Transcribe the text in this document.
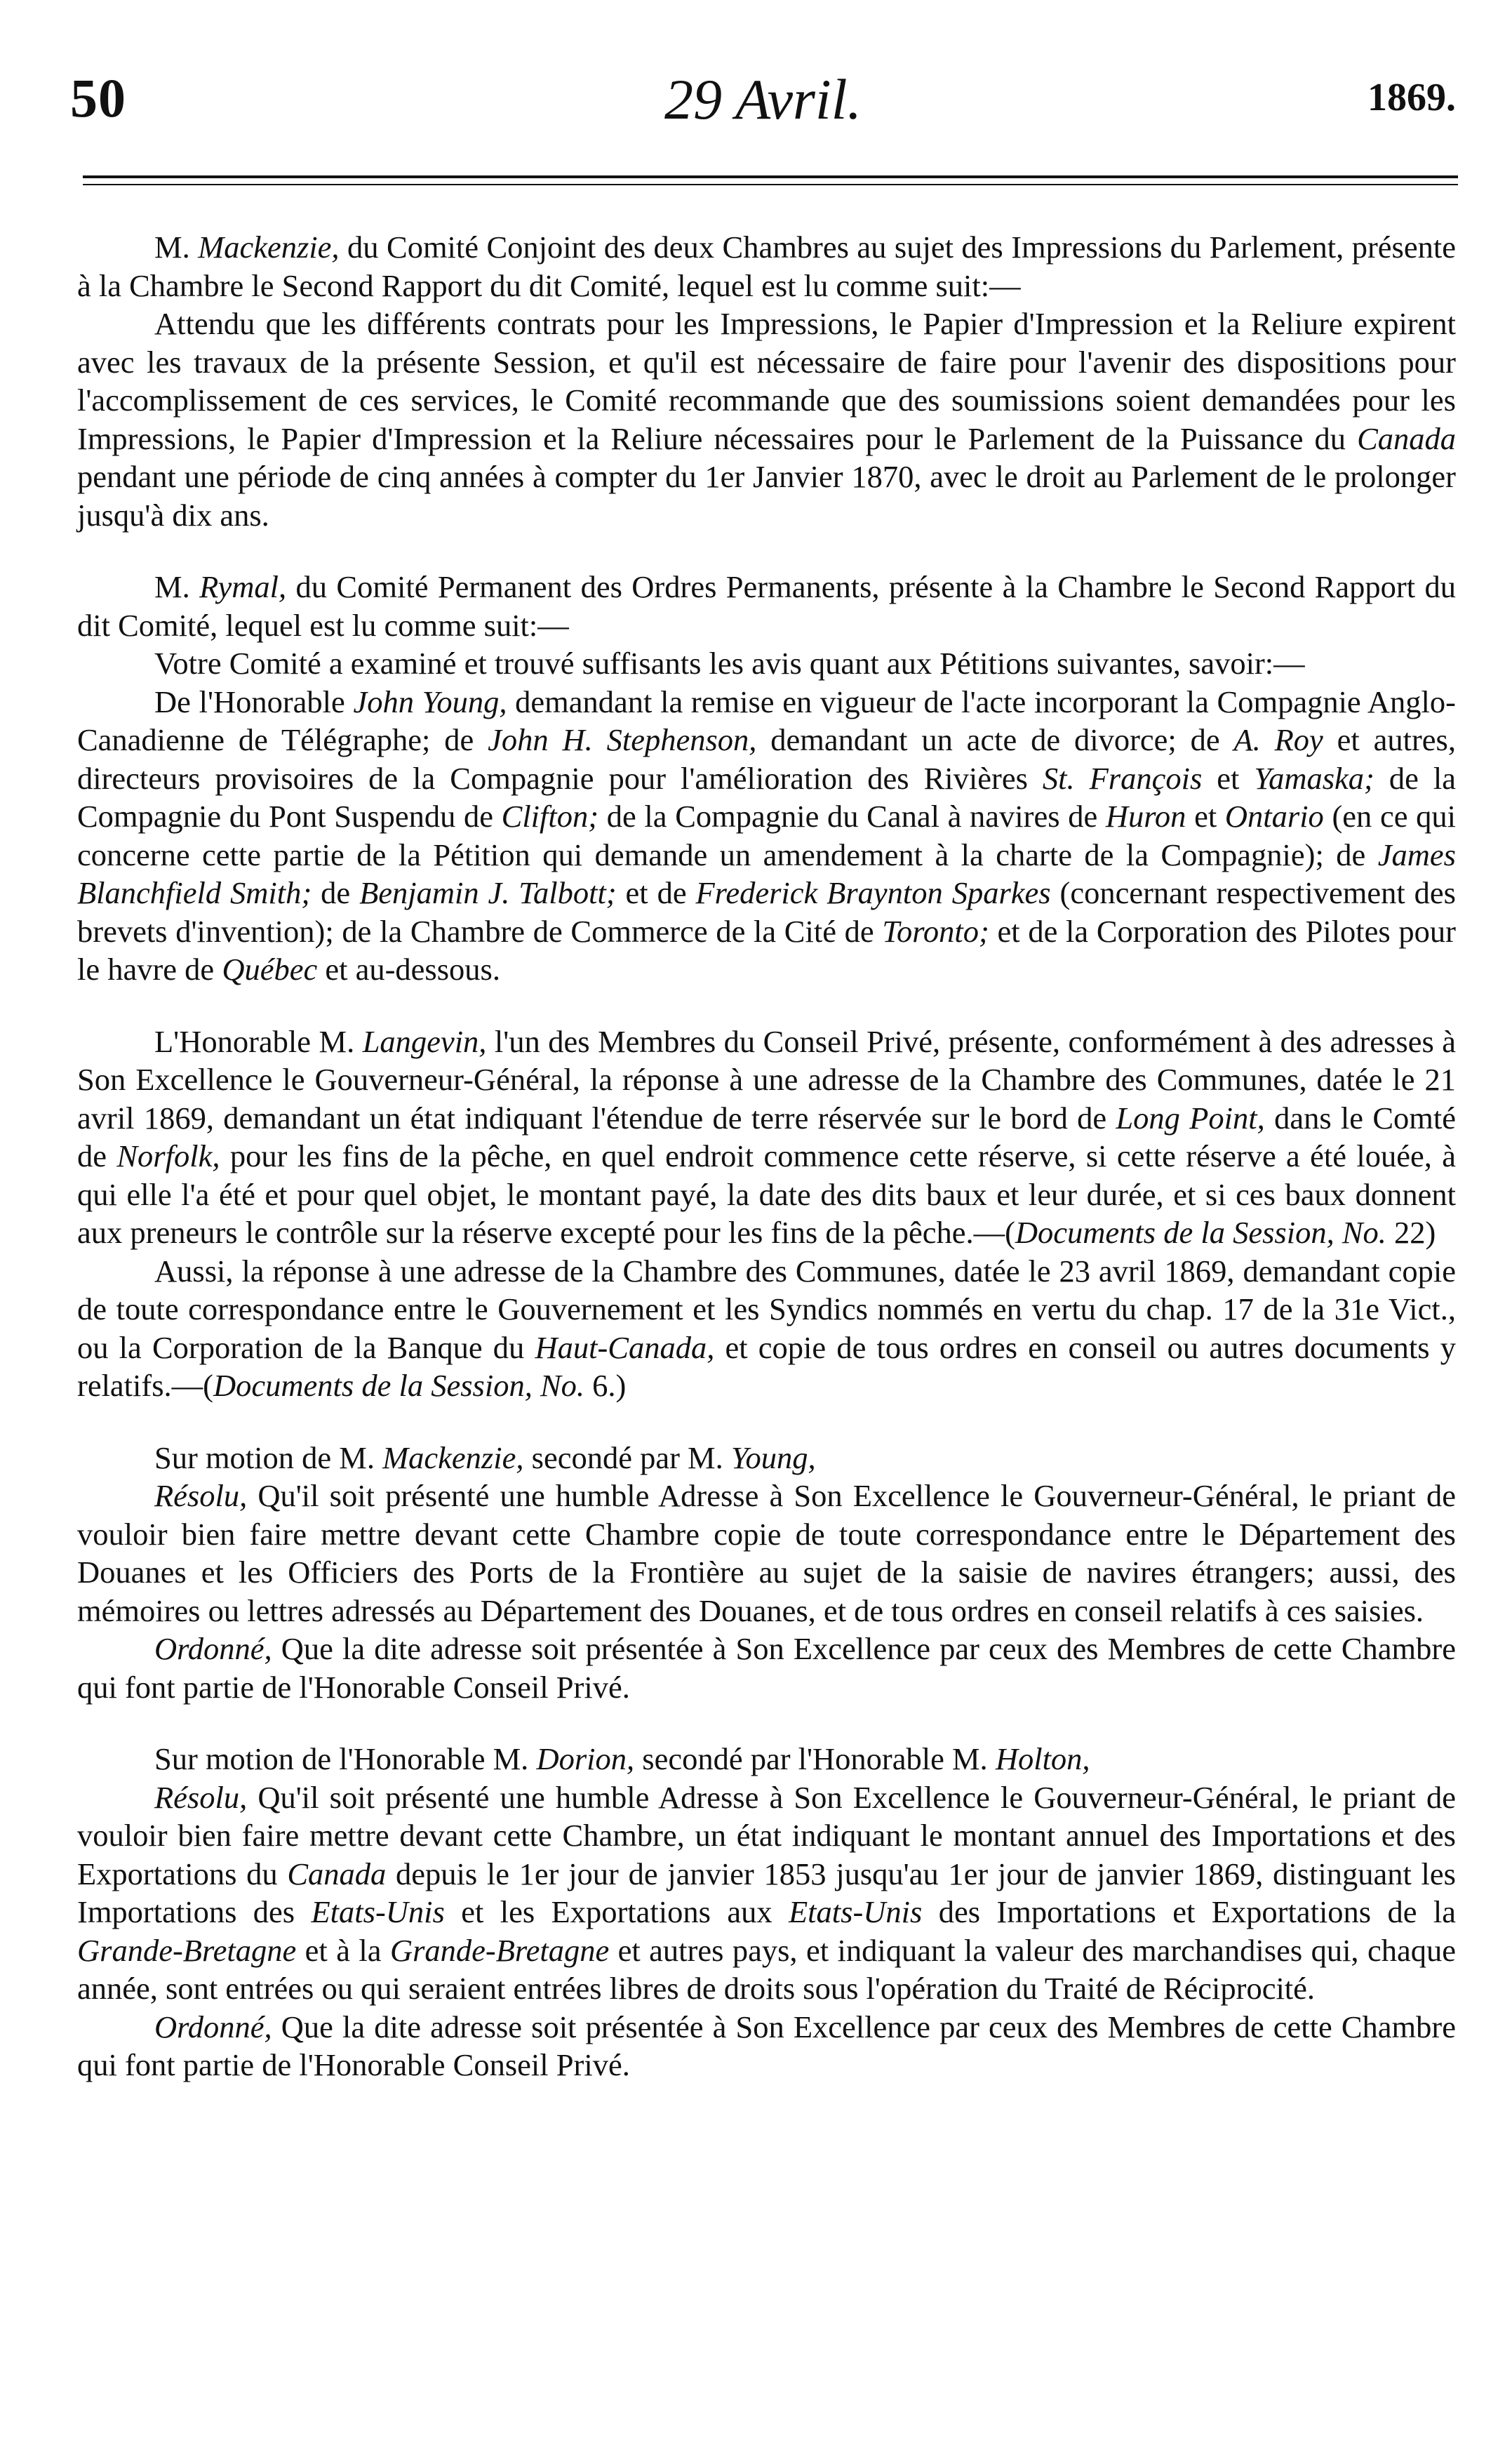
50	29 Avril.	1869.

M. Mackenzie, du Comité Conjoint des deux Chambres au sujet des Impressions du Parlement, présente à la Chambre le Second Rapport du dit Comité, lequel est lu comme suit:—

Attendu que les différents contrats pour les Impressions, le Papier d'Impression et la Reliure expirent avec les travaux de la présente Session, et qu'il est nécessaire de faire pour l'avenir des dispositions pour l'accomplissement de ces services, le Comité recommande que des soumissions soient demandées pour les Impressions, le Papier d'Impression et la Reliure nécessaires pour le Parlement de la Puissance du Canada pendant une période de cinq années à compter du 1er Janvier 1870, avec le droit au Parlement de le prolonger jusqu'à dix ans.

M. Rymal, du Comité Permanent des Ordres Permanents, présente à la Chambre le Second Rapport du dit Comité, lequel est lu comme suit:—

Votre Comité a examiné et trouvé suffisants les avis quant aux Pétitions suivantes, savoir:—

De l'Honorable John Young, demandant la remise en vigueur de l'acte incorporant la Compagnie Anglo-Canadienne de Télégraphe; de John H. Stephenson, demandant un acte de divorce; de A. Roy et autres, directeurs provisoires de la Compagnie pour l'amélioration des Rivières St. François et Yamaska; de la Compagnie du Pont Suspendu de Clifton; de la Compagnie du Canal à navires de Huron et Ontario (en ce qui concerne cette partie de la Pétition qui demande un amendement à la charte de la Compagnie); de James Blanchfield Smith; de Benjamin J. Talbott; et de Frederick Braynton Sparkes (concernant respectivement des brevets d'invention); de la Chambre de Commerce de la Cité de Toronto; et de la Corporation des Pilotes pour le havre de Québec et au-dessous.

L'Honorable M. Langevin, l'un des Membres du Conseil Privé, présente, conformément à des adresses à Son Excellence le Gouverneur-Général, la réponse à une adresse de la Chambre des Communes, datée le 21 avril 1869, demandant un état indiquant l'étendue de terre réservée sur le bord de Long Point, dans le Comté de Norfolk, pour les fins de la pêche, en quel endroit commence cette réserve, si cette réserve a été louée, à qui elle l'a été et pour quel objet, le montant payé, la date des dits baux et leur durée, et si ces baux donnent aux preneurs le contrôle sur la réserve excepté pour les fins de la pêche.—(Documents de la Session, No. 22)

Aussi, la réponse à une adresse de la Chambre des Communes, datée le 23 avril 1869, demandant copie de toute correspondance entre le Gouvernement et les Syndics nommés en vertu du chap. 17 de la 31e Vict., ou la Corporation de la Banque du Haut-Canada, et copie de tous ordres en conseil ou autres documents y relatifs.—(Documents de la Session, No. 6.)

Sur motion de M. Mackenzie, secondé par M. Young,

Résolu, Qu'il soit présenté une humble Adresse à Son Excellence le Gouverneur-Général, le priant de vouloir bien faire mettre devant cette Chambre copie de toute correspondance entre le Département des Douanes et les Officiers des Ports de la Frontière au sujet de la saisie de navires étrangers; aussi, des mémoires ou lettres adressés au Département des Douanes, et de tous ordres en conseil relatifs à ces saisies.

Ordonné, Que la dite adresse soit présentée à Son Excellence par ceux des Membres de cette Chambre qui font partie de l'Honorable Conseil Privé.

Sur motion de l'Honorable M. Dorion, secondé par l'Honorable M. Holton,

Résolu, Qu'il soit présenté une humble Adresse à Son Excellence le Gouverneur-Général, le priant de vouloir bien faire mettre devant cette Chambre, un état indiquant le montant annuel des Importations et des Exportations du Canada depuis le 1er jour de janvier 1853 jusqu'au 1er jour de janvier 1869, distinguant les Importations des Etats-Unis et les Exportations aux Etats-Unis des Importations et Exportations de la Grande-Bretagne et à la Grande-Bretagne et autres pays, et indiquant la valeur des marchandises qui, chaque année, sont entrées ou qui seraient entrées libres de droits sous l'opération du Traité de Réciprocité.

Ordonné, Que la dite adresse soit présentée à Son Excellence par ceux des Membres de cette Chambre qui font partie de l'Honorable Conseil Privé.
